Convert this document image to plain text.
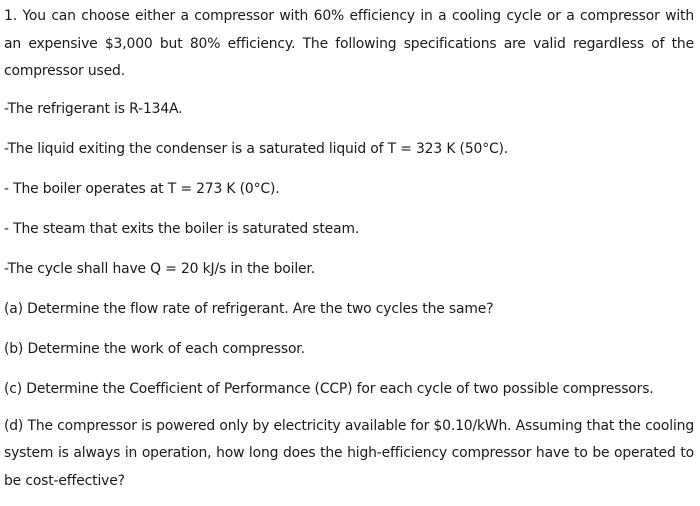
1. You can choose either a compressor with 60% efficiency in a cooling cycle or a compressor with an expensive $3,000 but 80% efficiency. The following specifications are valid regardless of the compressor used.

-The refrigerant is R-134A.

-The liquid exiting the condenser is a saturated liquid of T = 323 K (50°C).

- The boiler operates at T = 273 K (0°C).

- The steam that exits the boiler is saturated steam.

-The cycle shall have Q = 20 kJ/s in the boiler.

(a) Determine the flow rate of refrigerant. Are the two cycles the same?

(b) Determine the work of each compressor.

(c) Determine the Coefficient of Performance (CCP) for each cycle of two possible compressors.

(d) The compressor is powered only by electricity available for $0.10/kWh. Assuming that the cooling system is always in operation, how long does the high-efficiency compressor have to be operated to be cost-effective?
